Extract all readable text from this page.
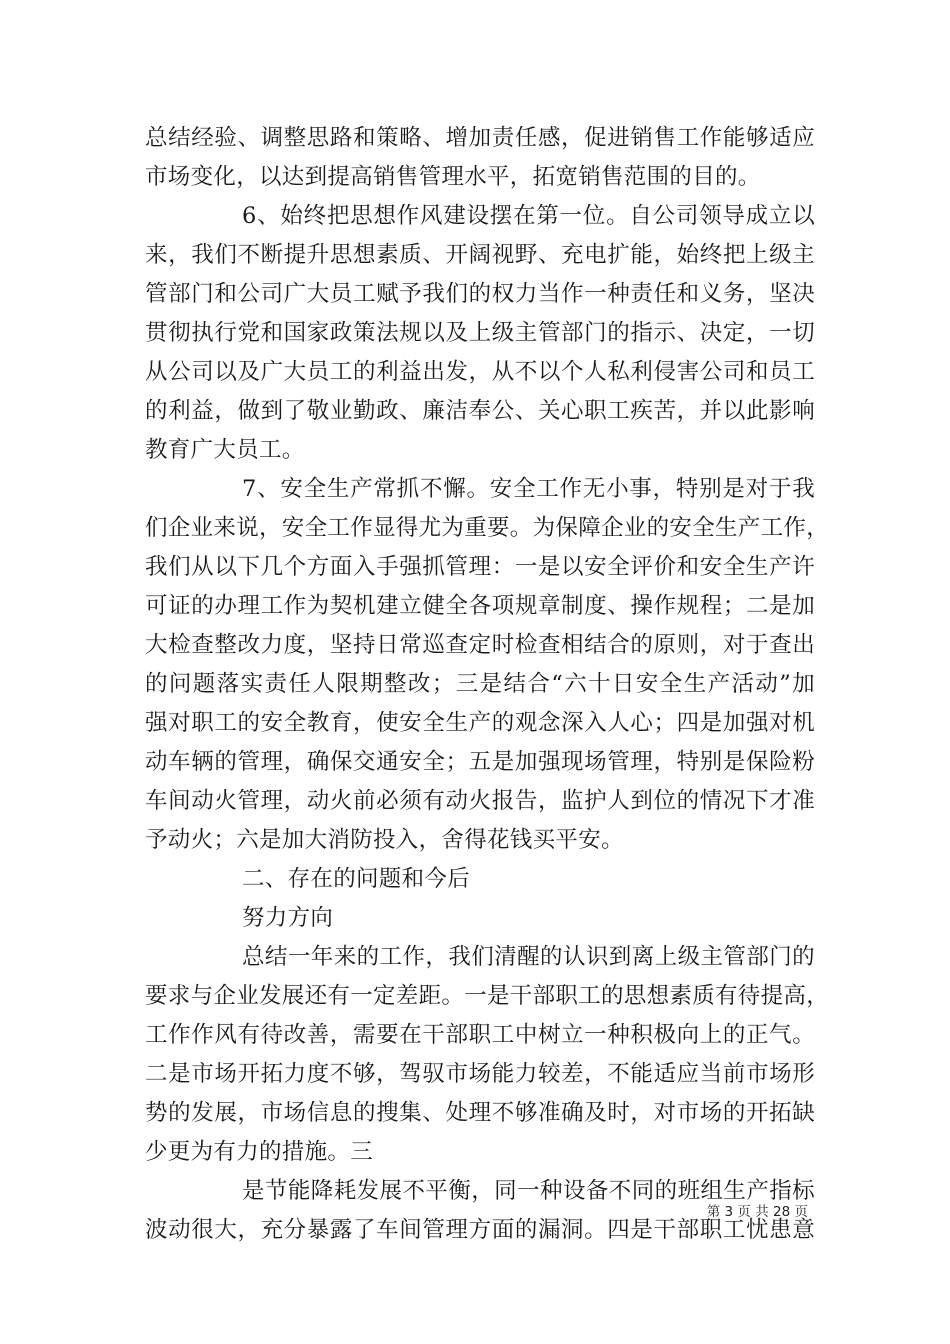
总结经验、调整思路和策略、增加责任感，促进销售工作能够适应
市场变化，以达到提高销售管理水平，拓宽销售范围的目的。
6、始终把思想作风建设摆在第一位。自公司领导成立以
来，我们不断提升思想素质、开阔视野、充电扩能，始终把上级主
管部门和公司广大员工赋予我们的权力当作一种责任和义务，坚决
贯彻执行党和国家政策法规以及上级主管部门的指示、决定，一切
从公司以及广大员工的利益出发，从不以个人私利侵害公司和员工
的利益，做到了敬业勤政、廉洁奉公、关心职工疾苦，并以此影响
教育广大员工。
7、安全生产常抓不懈。安全工作无小事，特别是对于我
们企业来说，安全工作显得尤为重要。为保障企业的安全生产工作，
我们从以下几个方面入手强抓管理：一是以安全评价和安全生产许
可证的办理工作为契机建立健全各项规章制度、操作规程；二是加
大检查整改力度，坚持日常巡查定时检查相结合的原则，对于查出
的问题落实责任人限期整改；三是结合“六十日安全生产活动”加
强对职工的安全教育，使安全生产的观念深入人心；四是加强对机
动车辆的管理，确保交通安全；五是加强现场管理，特别是保险粉
车间动火管理，动火前必须有动火报告，监护人到位的情况下才准
予动火；六是加大消防投入，舍得花钱买平安。
二、存在的问题和今后
努力方向
总结一年来的工作，我们清醒的认识到离上级主管部门的
要求与企业发展还有一定差距。一是干部职工的思想素质有待提高，
工作作风有待改善，需要在干部职工中树立一种积极向上的正气。
二是市场开拓力度不够，驾驭市场能力较差，不能适应当前市场形
势的发展，市场信息的搜集、处理不够准确及时，对市场的开拓缺
少更为有力的措施。三
是节能降耗发展不平衡，同一种设备不同的班组生产指标
波动很大，充分暴露了车间管理方面的漏洞。四是干部职工忧患意
第 3 页 共 28 页
